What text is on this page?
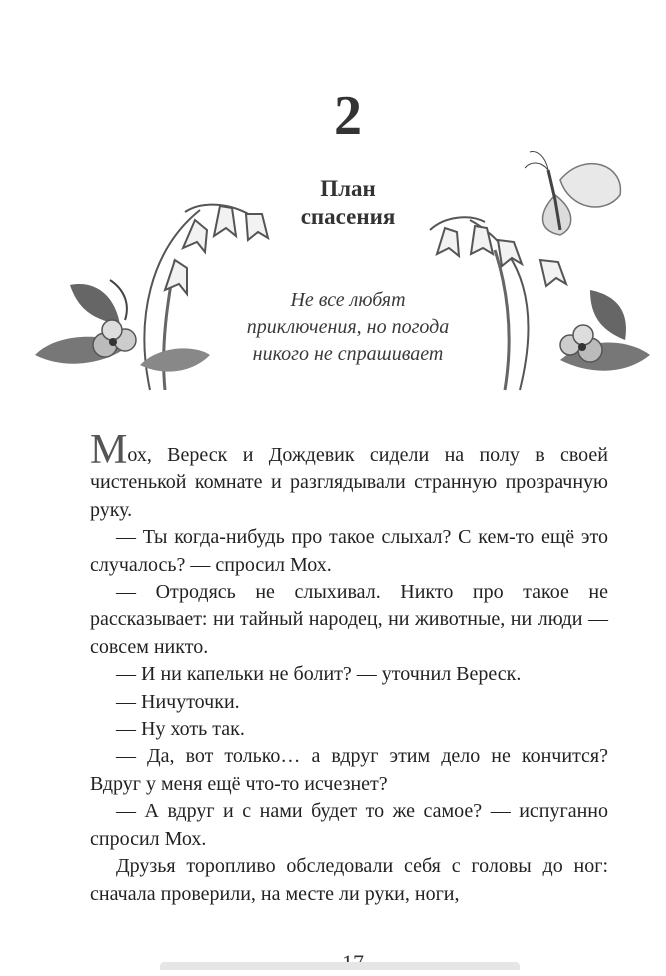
2
План
спасения
Не все любят
приключения, но погода
никого не спрашивает

Мох, Вереск и Дождевик сидели на полу в своей чистенькой комнате и разглядывали странную прозрачную руку.

— Ты когда-нибудь про такое слыхал? С кем-то ещё это случалось? — спросил Мох.

— Отродясь не слыхивал. Никто про такое не рассказывает: ни тайный народец, ни животные, ни люди — совсем никто.

— И ни капельки не болит? — уточнил Вереск.

— Ничуточки.

— Ну хоть так.

— Да, вот только… а вдруг этим дело не кончится? Вдруг у меня ещё что-то исчезнет?

— А вдруг и с нами будет то же самое? — испуганно спросил Мох.

Друзья торопливо обследовали себя с головы до ног: сначала проверили, на месте ли руки, ноги,
